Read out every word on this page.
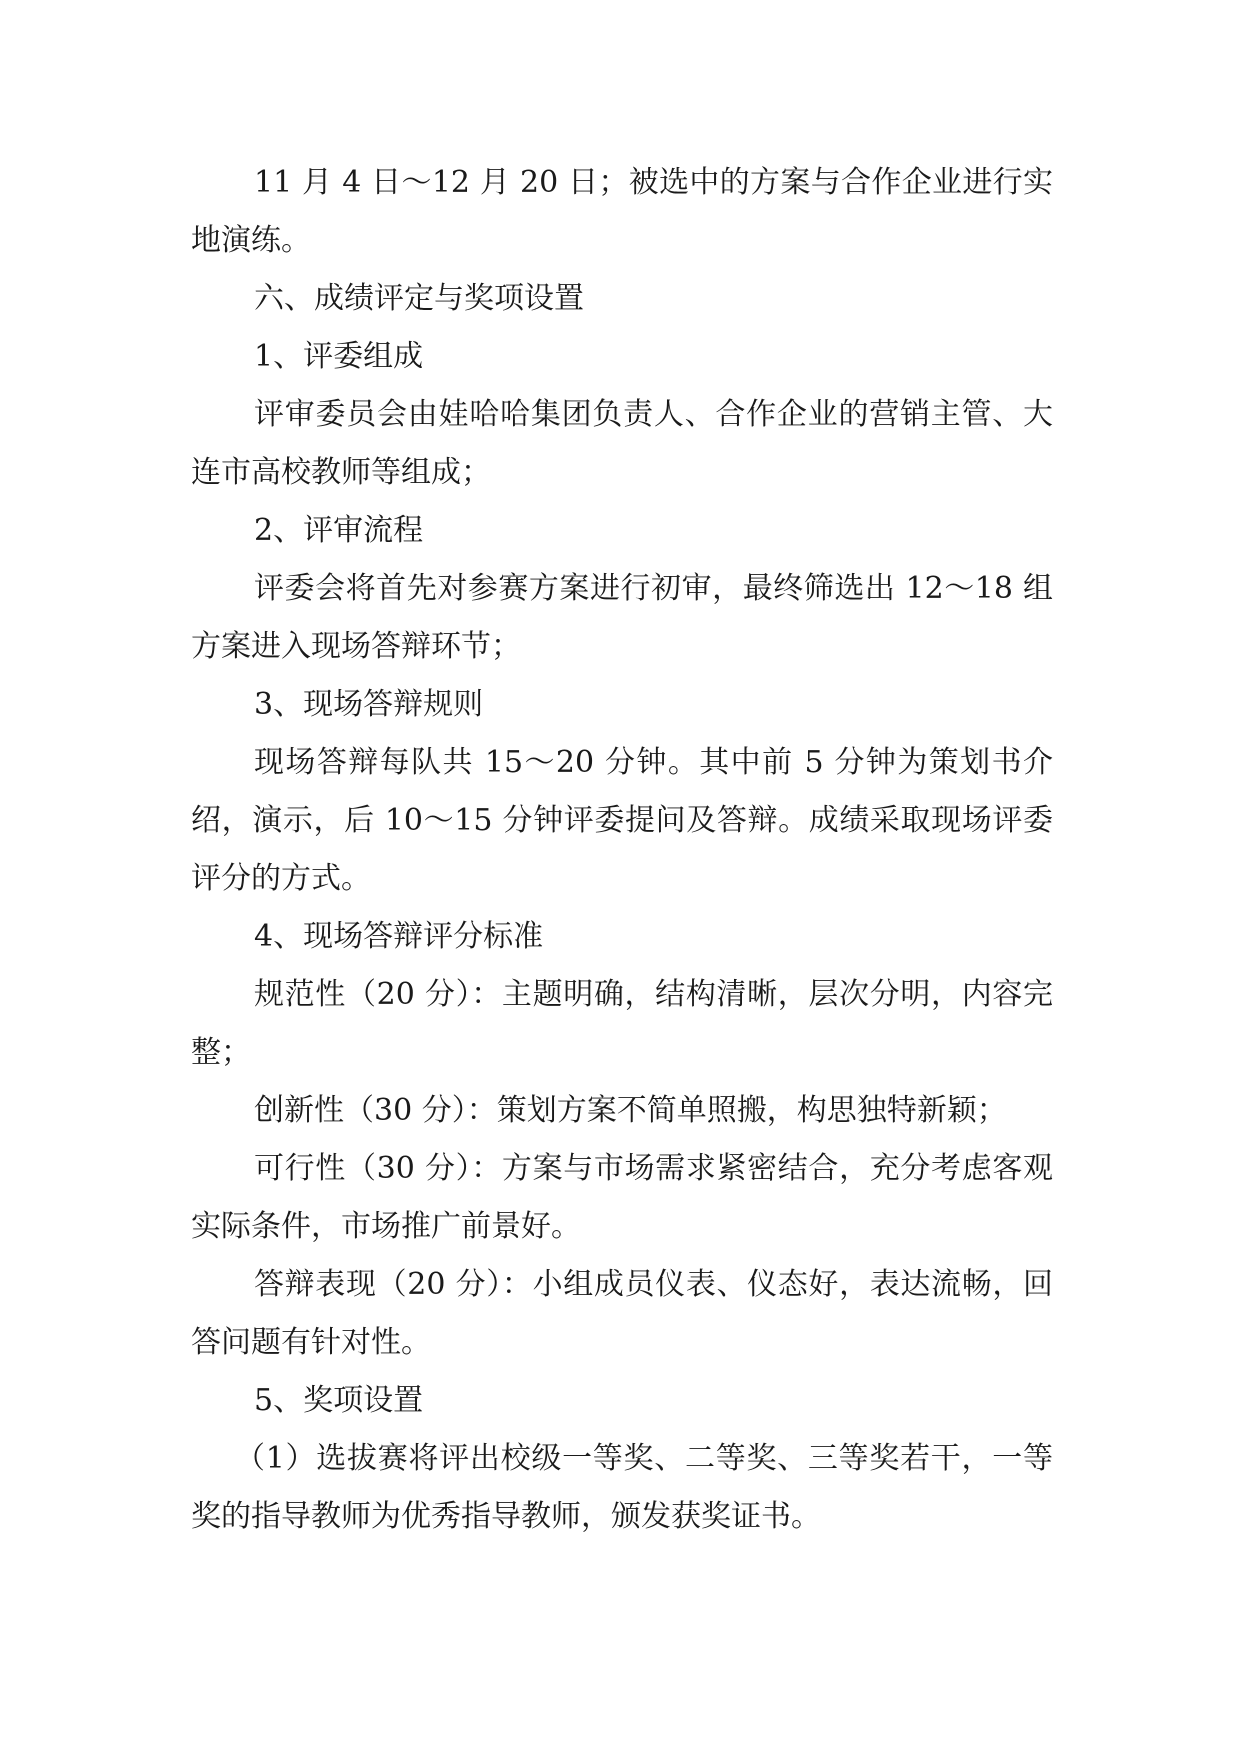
11 月 4 日～12 月 20 日；被选中的方案与合作企业进行实地演练。

六、成绩评定与奖项设置

1、评委组成

评审委员会由娃哈哈集团负责人、合作企业的营销主管、大连市高校教师等组成；

2、评审流程

评委会将首先对参赛方案进行初审，最终筛选出 12～18 组方案进入现场答辩环节；

3、现场答辩规则

现场答辩每队共 15～20 分钟。其中前 5 分钟为策划书介绍，演示，后 10～15 分钟评委提问及答辩。成绩采取现场评委评分的方式。

4、现场答辩评分标准

规范性（20 分）：主题明确，结构清晰，层次分明，内容完整；

创新性（30 分）：策划方案不简单照搬，构思独特新颖；

可行性（30 分）：方案与市场需求紧密结合，充分考虑客观实际条件，市场推广前景好。

答辩表现（20 分）：小组成员仪表、仪态好，表达流畅，回答问题有针对性。

5、奖项设置

（1）选拔赛将评出校级一等奖、二等奖、三等奖若干，一等奖的指导教师为优秀指导教师，颁发获奖证书。
